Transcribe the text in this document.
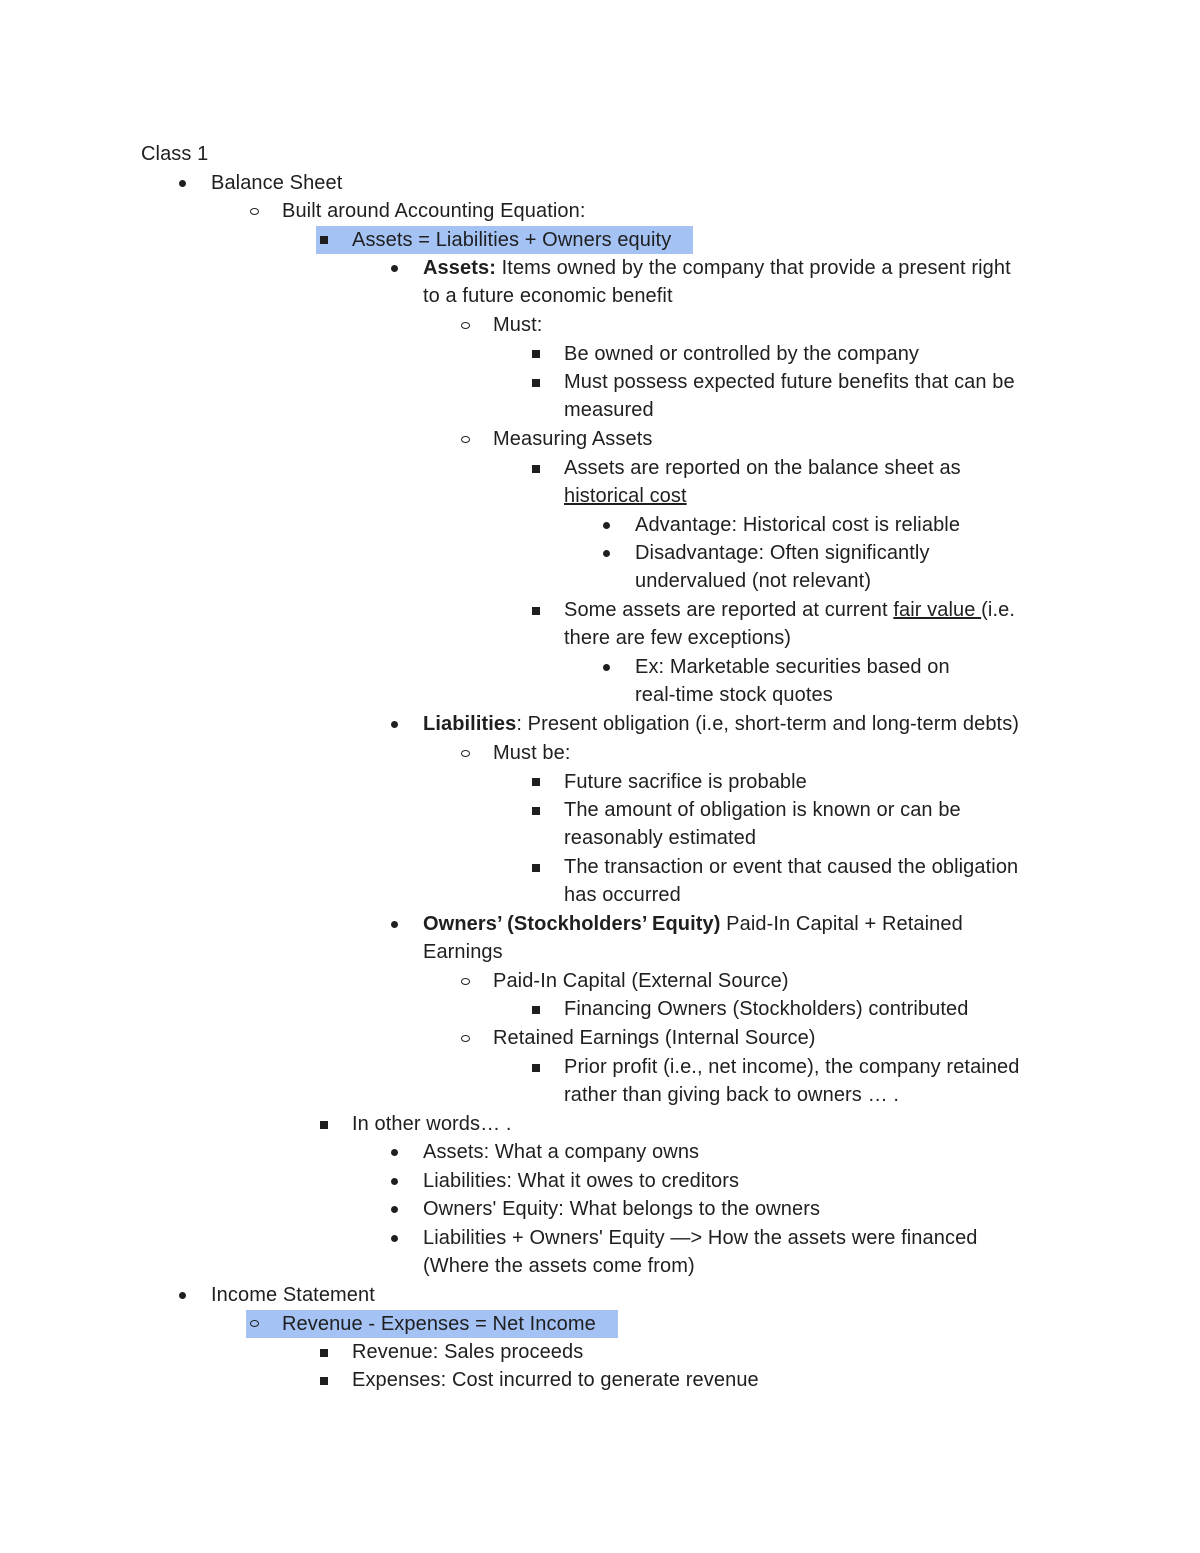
Class 1
Balance Sheet
Built around Accounting Equation:
Assets = Liabilities + Owners equity
Assets: Items owned by the company that provide a present right
to a future economic benefit
Must:
Be owned or controlled by the company
Must possess expected future benefits that can be
measured
Measuring Assets
Assets are reported on the balance sheet as
historical cost
Advantage: Historical cost is reliable
Disadvantage: Often significantly
undervalued (not relevant)
Some assets are reported at current fair value (i.e.
there are few exceptions)
Ex: Marketable securities based on
real-time stock quotes
Liabilities: Present obligation (i.e, short-term and long-term debts)
Must be:
Future sacrifice is probable
The amount of obligation is known or can be
reasonably estimated
The transaction or event that caused the obligation
has occurred
Owners’ (Stockholders’ Equity) Paid-In Capital + Retained
Earnings
Paid-In Capital (External Source)
Financing Owners (Stockholders) contributed
Retained Earnings (Internal Source)
Prior profit (i.e., net income), the company retained
rather than giving back to owners … .
In other words… .
Assets: What a company owns
Liabilities: What it owes to creditors
Owners' Equity: What belongs to the owners
Liabilities + Owners' Equity —> How the assets were financed
(Where the assets come from)
Income Statement
Revenue - Expenses = Net Income
Revenue: Sales proceeds
Expenses: Cost incurred to generate revenue
